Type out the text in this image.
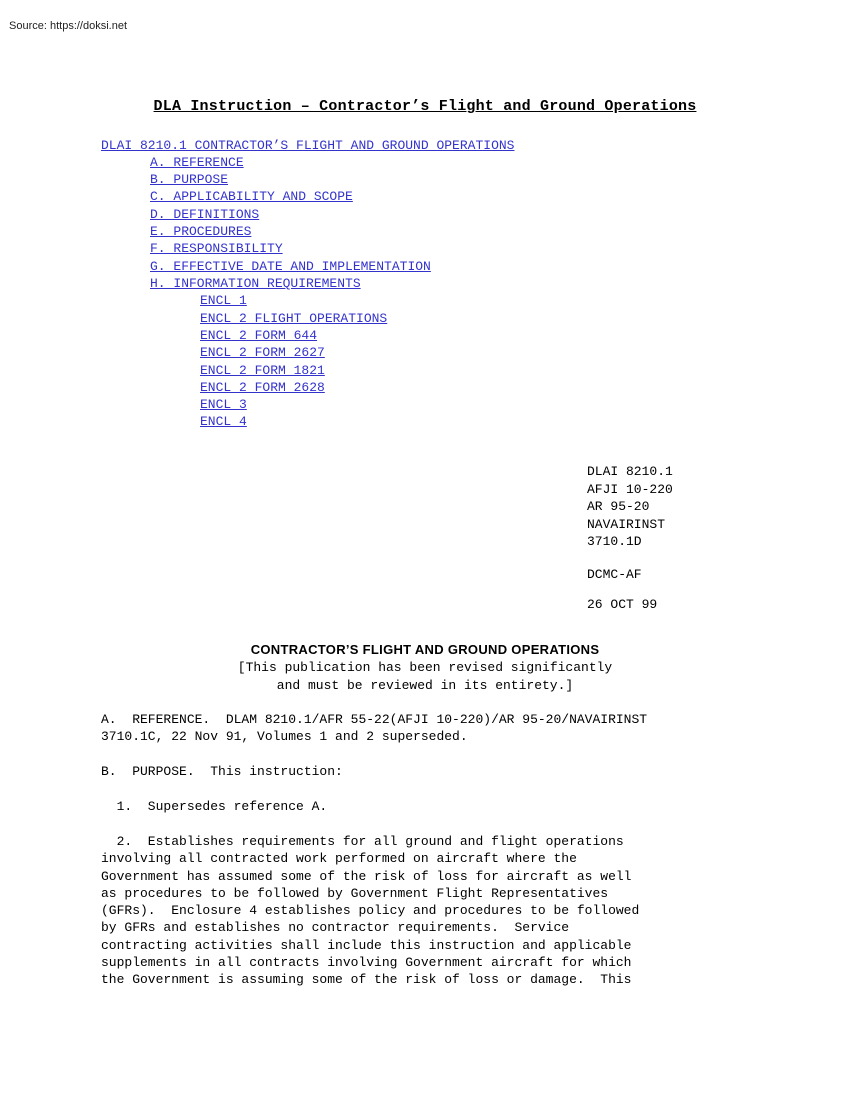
Source: https://doksi.net
DLA Instruction – Contractor’s Flight and Ground Operations
DLAI 8210.1 CONTRACTOR’S FLIGHT AND GROUND OPERATIONS
A. REFERENCE
B. PURPOSE
C. APPLICABILITY AND SCOPE
D. DEFINITIONS
E. PROCEDURES
F. RESPONSIBILITY
G. EFFECTIVE DATE AND IMPLEMENTATION
H. INFORMATION REQUIREMENTS
ENCL 1
ENCL 2 FLIGHT OPERATIONS
ENCL 2 FORM 644
ENCL 2 FORM 2627
ENCL 2 FORM 1821
ENCL 2 FORM 2628
ENCL 3
ENCL 4
DLAI 8210.1
AFJI 10-220
AR 95-20
NAVAIRINST
3710.1D
DCMC-AF
26 OCT 99
CONTRACTOR’S FLIGHT AND GROUND OPERATIONS
[This publication has been revised significantly
and must be reviewed in its entirety.]
A.  REFERENCE.  DLAM 8210.1/AFR 55-22(AFJI 10-220)/AR 95-20/NAVAIRINST
3710.1C, 22 Nov 91, Volumes 1 and 2 superseded.
B.  PURPOSE.  This instruction:
1.  Supersedes reference A.
2.  Establishes requirements for all ground and flight operations
involving all contracted work performed on aircraft where the
Government has assumed some of the risk of loss for aircraft as well
as procedures to be followed by Government Flight Representatives
(GFRs).  Enclosure 4 establishes policy and procedures to be followed
by GFRs and establishes no contractor requirements.  Service
contracting activities shall include this instruction and applicable
supplements in all contracts involving Government aircraft for which
the Government is assuming some of the risk of loss or damage.  This
